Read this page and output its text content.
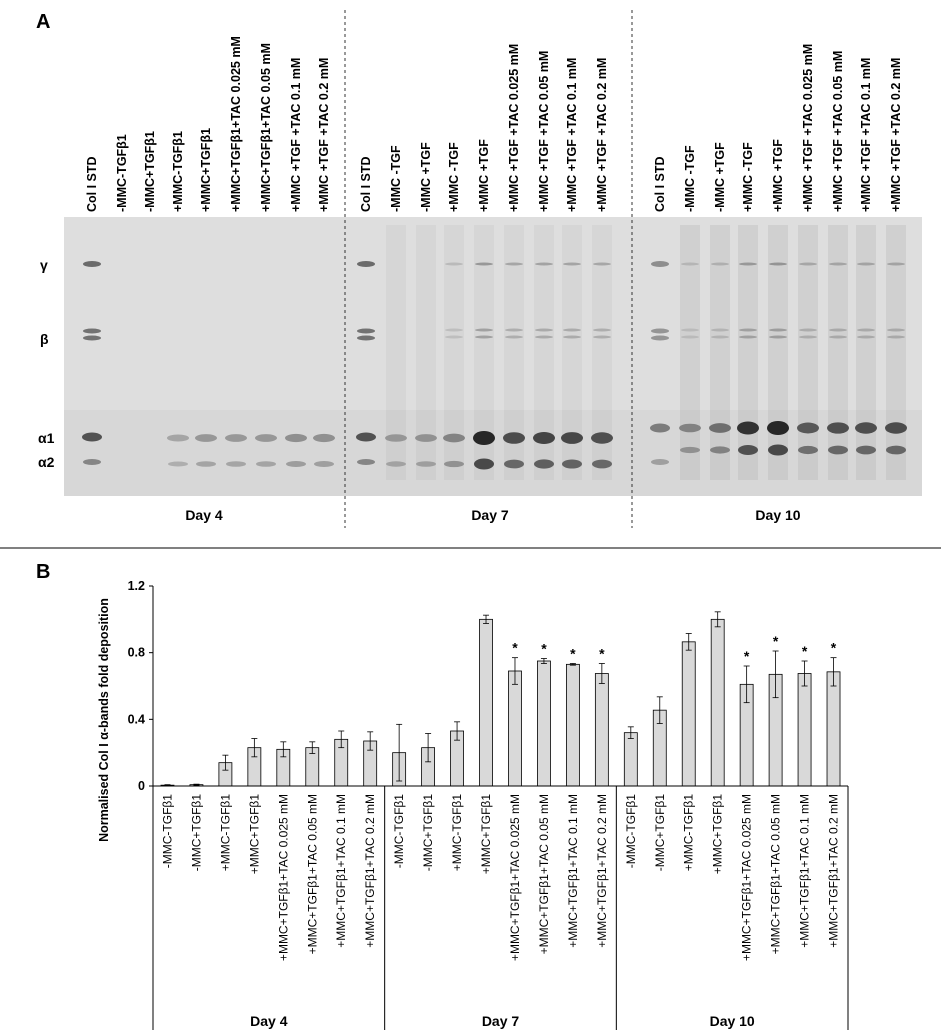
A
Col I STD -MMC-TGFβ1 -MMC+TGFβ1 +MMC-TGFβ1 +MMC+TGFβ1 +MMC+TGFβ1+TAC 0.025 mM +MMC+TGFβ1+TAC 0.05 mM +MMC +TGF +TAC 0.1 mM +MMC +TGF +TAC 0.2 mM Col I STD -MMC -TGF -MMC +TGF +MMC -TGF +MMC +TGF +MMC +TGF +TAC 0.025 mM +MMC +TGF +TAC 0.05 mM +MMC +TGF +TAC 0.1 mM +MMC +TGF +TAC 0.2 mM	Col I STD -MMC -TGF -MMC +TGF +MMC -TGF +MMC +TGF +MMC +TGF +TAC 0.025 mM +MMC +TGF +TAC 0.05 mM +MMC +TGF +TAC 0.1 mM +MMC +TGF +TAC 0.2 mM
γ
β
α1
α2
Day 4	Day 7	Day 10
B
Normalised Col I α-bands fold deposition 0
0.4
0.8
1.2
* * * *	*
*
* *
-MMC-TGFβ1 -MMC+TGFβ1 +MMC-TGFβ1 +MMC+TGFβ1 +MMC+TGFβ1+TAC 0.025 mM +MMC+TGFβ1+TAC 0.05 mM +MMC+TGFβ1+TAC 0.1 mM +MMC+TGFβ1+TAC 0.2 mM -MMC-TGFβ1 -MMC+TGFβ1 +MMC-TGFβ1 +MMC+TGFβ1 +MMC+TGFβ1+TAC 0.025 mM +MMC+TGFβ1+TAC 0.05 mM +MMC+TGFβ1+TAC 0.1 mM +MMC+TGFβ1+TAC 0.2 mM -MMC-TGFβ1 -MMC+TGFβ1 +MMC-TGFβ1 +MMC+TGFβ1 +MMC+TGFβ1+TAC 0.025 mM +MMC+TGFβ1+TAC 0.05 mM +MMC+TGFβ1+TAC 0.1 mM +MMC+TGFβ1+TAC 0.2 mM
Day 4	Day 7	Day 10
